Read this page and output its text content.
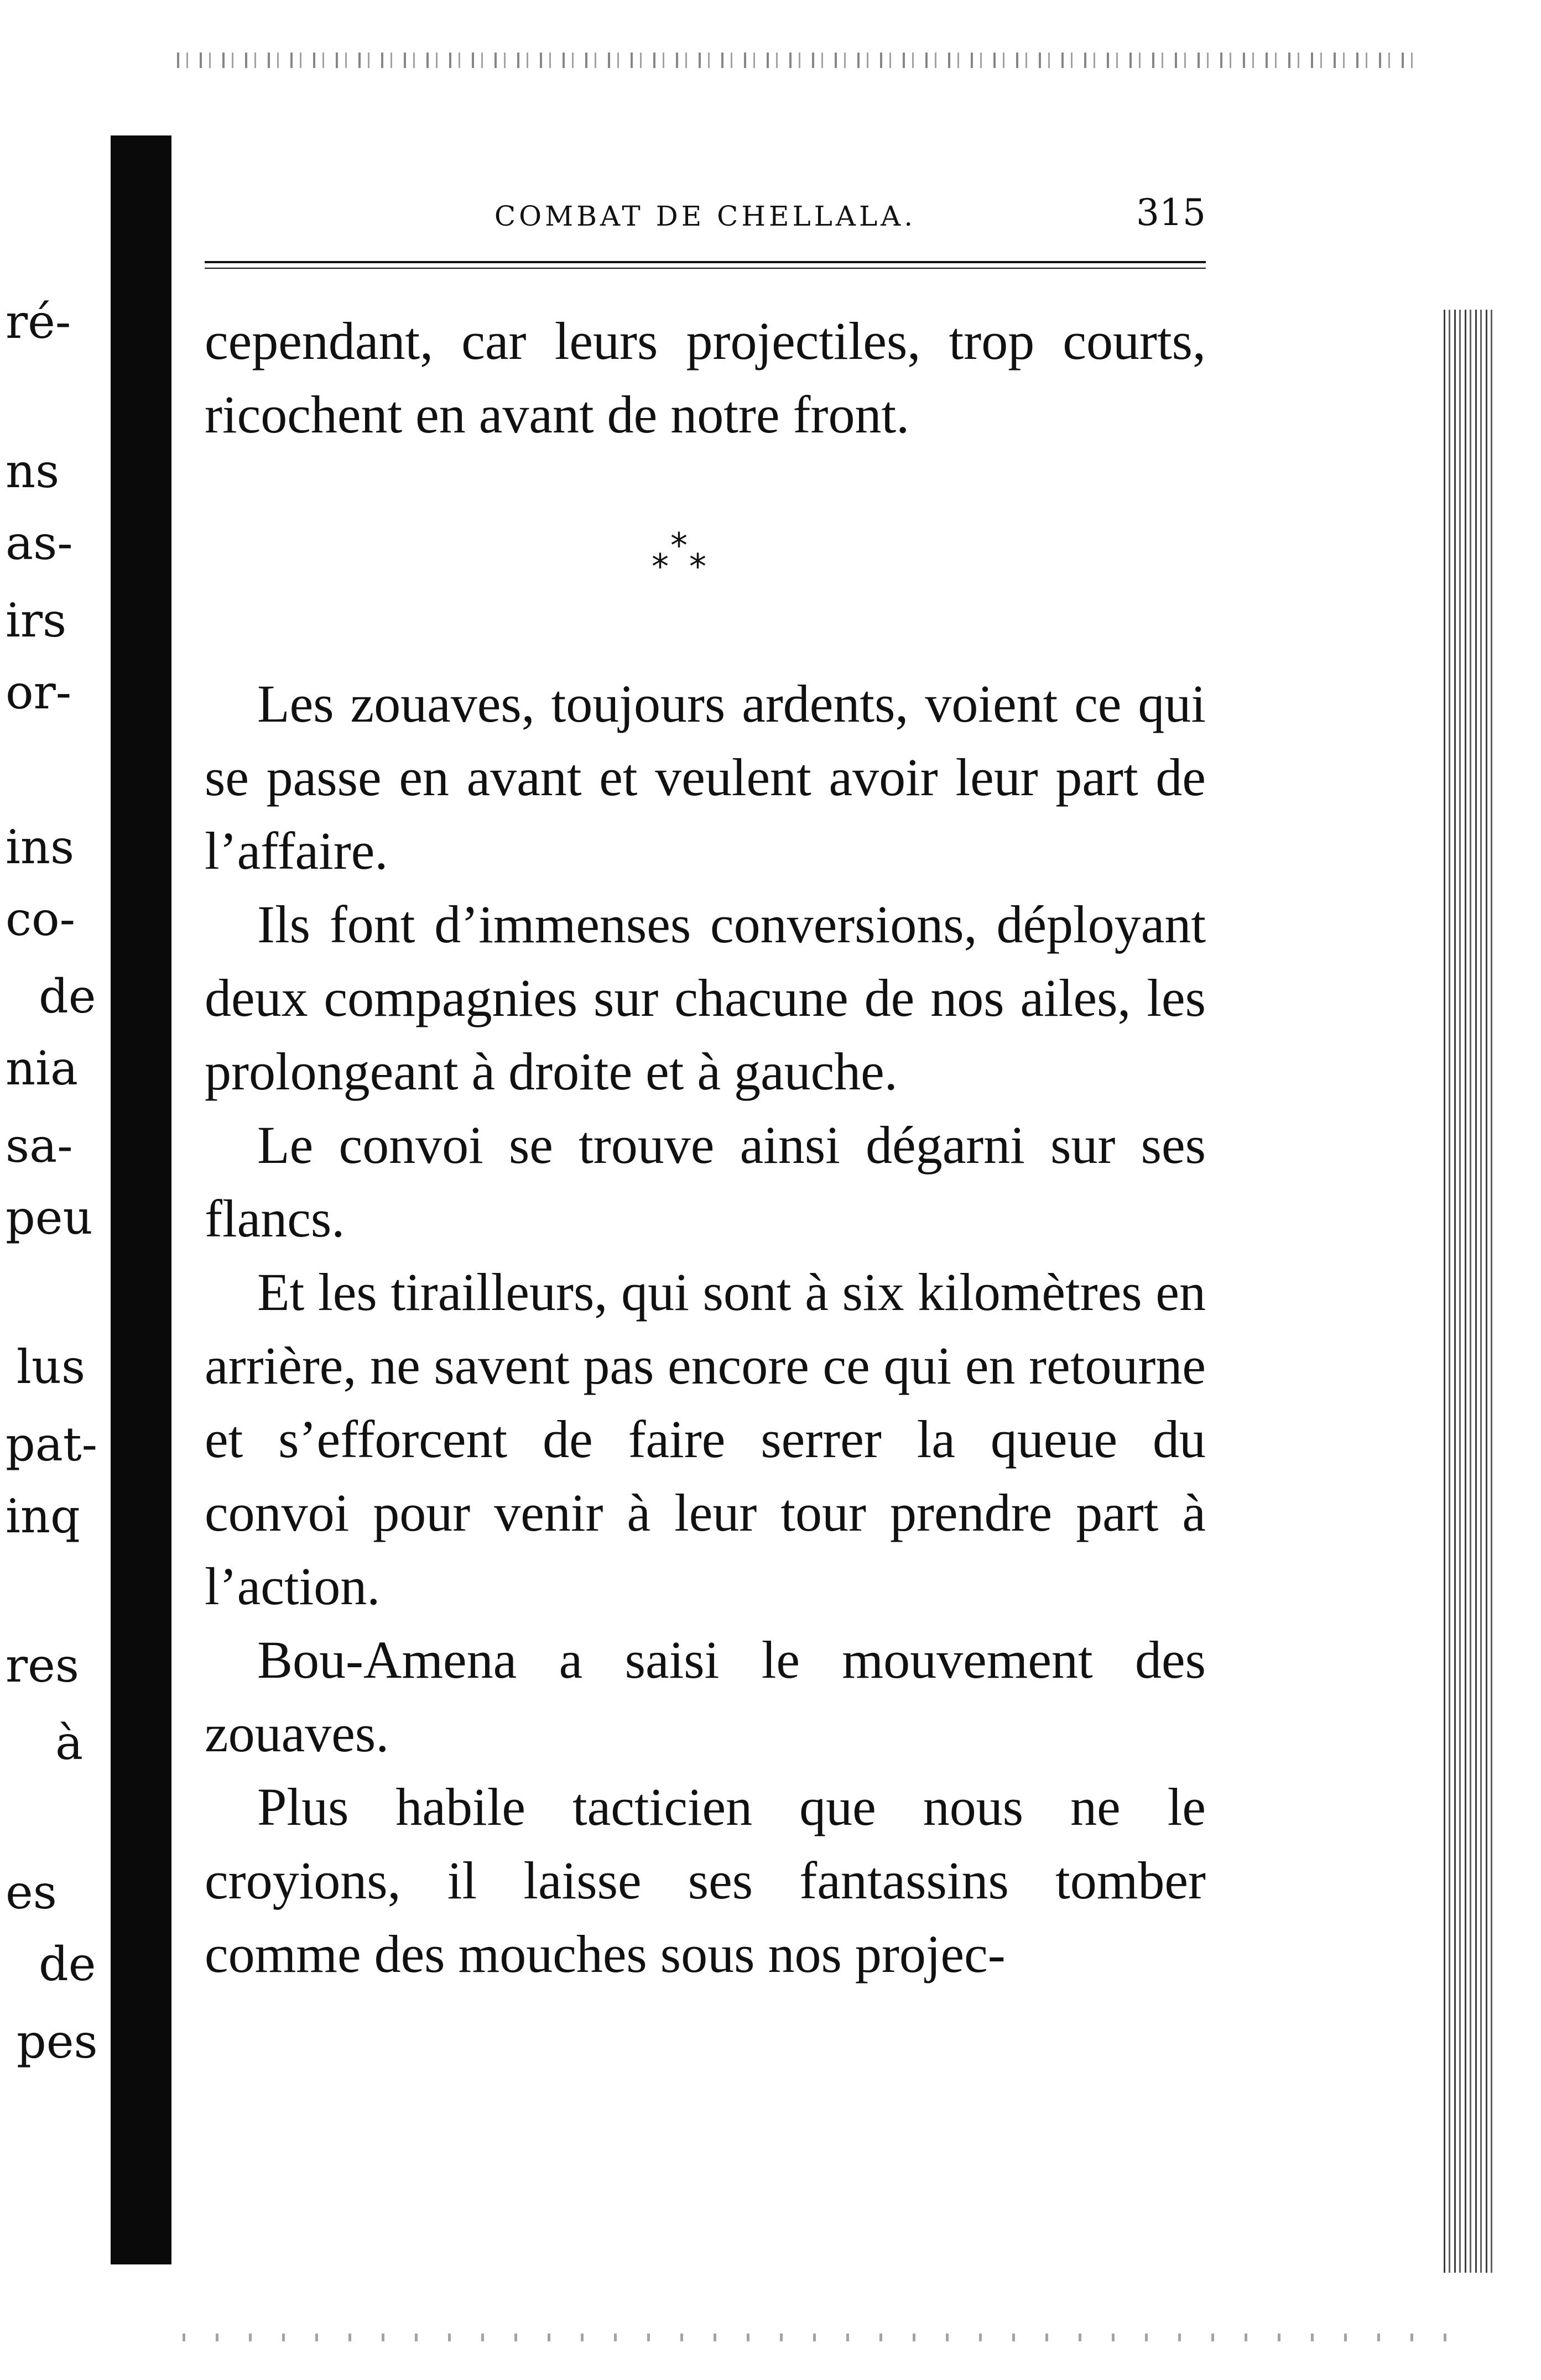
ré-
ns
as-
irs
or-
ins
co-
de
nia
sa-
peu
lus
pat-
inq
res
à
es
de
pes
COMBAT DE CHELLALA.	315

cependant, car leurs projectiles, trop courts, ricochent en avant de notre front.

*
* *

Les zouaves, toujours ardents, voient ce qui se passe en avant et veulent avoir leur part de l’affaire.

Ils font d’immenses conversions, déployant deux compagnies sur chacune de nos ailes, les prolongeant à droite et à gauche.

Le convoi se trouve ainsi dégarni sur ses flancs.

Et les tirailleurs, qui sont à six kilomètres en arrière, ne savent pas encore ce qui en retourne et s’efforcent de faire serrer la queue du convoi pour venir à leur tour prendre part à l’action.

Bou-Amena a saisi le mouvement des zouaves.

Plus habile tacticien que nous ne le croyions, il laisse ses fantassins tomber comme des mouches sous nos projec-
